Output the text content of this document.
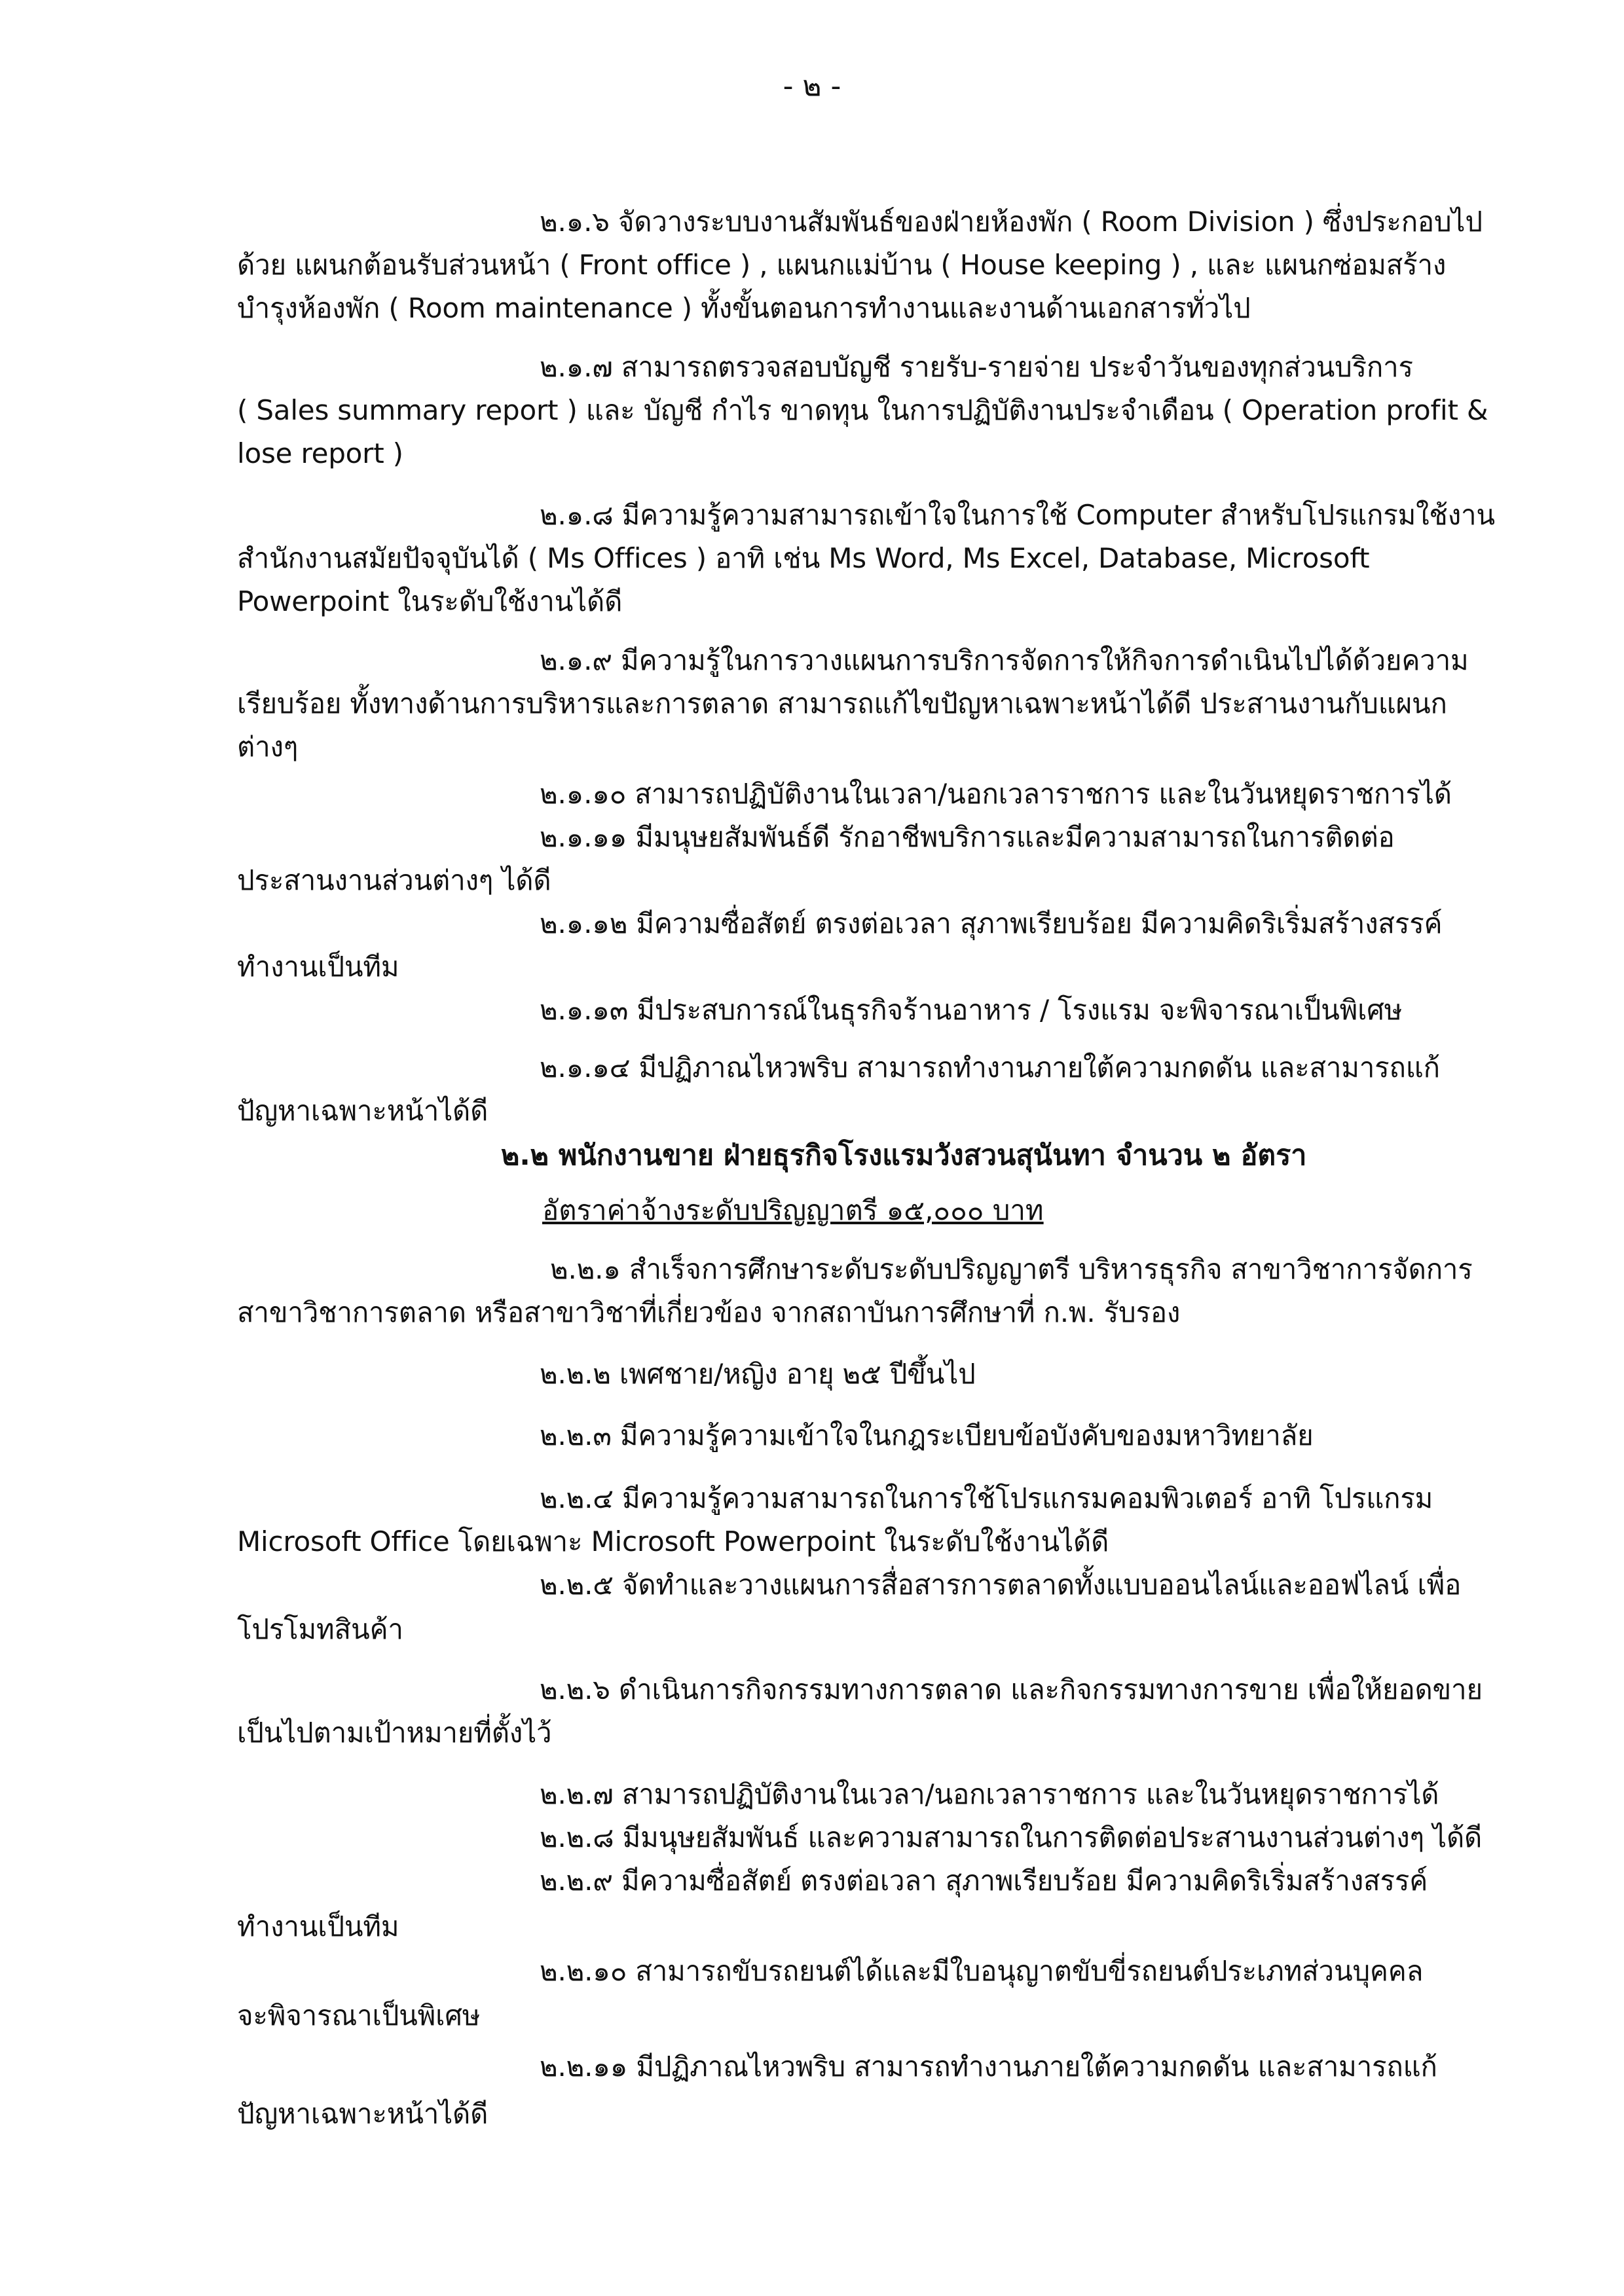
- ๒ -
๒.๑.๖ จัดวางระบบงานสัมพันธ์ของฝ่ายห้องพัก ( Room Division ) ซึ่งประกอบไป
ด้วย แผนกต้อนรับส่วนหน้า ( Front office ) , แผนกแม่บ้าน ( House keeping ) , และ แผนกซ่อมสร้าง
บำรุงห้องพัก ( Room maintenance ) ทั้งขั้นตอนการทำงานและงานด้านเอกสารทั่วไป
๒.๑.๗ สามารถตรวจสอบบัญชี รายรับ-รายจ่าย ประจำวันของทุกส่วนบริการ
( Sales summary report ) และ บัญชี กำไร ขาดทุน ในการปฏิบัติงานประจำเดือน ( Operation profit &
lose report )
๒.๑.๘ มีความรู้ความสามารถเข้าใจในการใช้ Computer สำหรับโปรแกรมใช้งาน
สำนักงานสมัยปัจจุบันได้ ( Ms Offices ) อาทิ เช่น Ms Word, Ms Excel, Database, Microsoft
Powerpoint ในระดับใช้งานได้ดี
๒.๑.๙ มีความรู้ในการวางแผนการบริการจัดการให้กิจการดำเนินไปได้ด้วยความ
เรียบร้อย ทั้งทางด้านการบริหารและการตลาด สามารถแก้ไขปัญหาเฉพาะหน้าได้ดี ประสานงานกับแผนก
ต่างๆ
๒.๑.๑๐ สามารถปฏิบัติงานในเวลา/นอกเวลาราชการ และในวันหยุดราชการได้
๒.๑.๑๑ มีมนุษยสัมพันธ์ดี รักอาชีพบริการและมีความสามารถในการติดต่อ
ประสานงานส่วนต่างๆ ได้ดี
๒.๑.๑๒ มีความซื่อสัตย์ ตรงต่อเวลา สุภาพเรียบร้อย มีความคิดริเริ่มสร้างสรรค์
ทำงานเป็นทีม
๒.๑.๑๓ มีประสบการณ์ในธุรกิจร้านอาหาร / โรงแรม จะพิจารณาเป็นพิเศษ
๒.๑.๑๔ มีปฏิภาณไหวพริบ สามารถทำงานภายใต้ความกดดัน และสามารถแก้
ปัญหาเฉพาะหน้าได้ดี
๒.๒ พนักงานขาย ฝ่ายธุรกิจโรงแรมวังสวนสุนันทา จำนวน ๒ อัตรา
อัตราค่าจ้างระดับปริญญาตรี ๑๕,๐๐๐ บาท
๒.๒.๑ สำเร็จการศึกษาระดับระดับปริญญาตรี บริหารธุรกิจ สาขาวิชาการจัดการ
สาขาวิชาการตลาด หรือสาขาวิชาที่เกี่ยวข้อง จากสถาบันการศึกษาที่ ก.พ. รับรอง
๒.๒.๒ เพศชาย/หญิง อายุ ๒๕ ปีขึ้นไป
๒.๒.๓ มีความรู้ความเข้าใจในกฎระเบียบข้อบังคับของมหาวิทยาลัย
๒.๒.๔ มีความรู้ความสามารถในการใช้โปรแกรมคอมพิวเตอร์ อาทิ โปรแกรม
Microsoft Office โดยเฉพาะ Microsoft Powerpoint ในระดับใช้งานได้ดี
๒.๒.๕ จัดทำและวางแผนการสื่อสารการตลาดทั้งแบบออนไลน์และออฟไลน์ เพื่อ
โปรโมทสินค้า
๒.๒.๖ ดำเนินการกิจกรรมทางการตลาด และกิจกรรมทางการขาย เพื่อให้ยอดขาย
เป็นไปตามเป้าหมายที่ตั้งไว้
๒.๒.๗ สามารถปฏิบัติงานในเวลา/นอกเวลาราชการ และในวันหยุดราชการได้
๒.๒.๘ มีมนุษยสัมพันธ์ และความสามารถในการติดต่อประสานงานส่วนต่างๆ ได้ดี
๒.๒.๙ มีความซื่อสัตย์ ตรงต่อเวลา สุภาพเรียบร้อย มีความคิดริเริ่มสร้างสรรค์
ทำงานเป็นทีม
๒.๒.๑๐ สามารถขับรถยนต์ได้และมีใบอนุญาตขับขี่รถยนต์ประเภทส่วนบุคคล
จะพิจารณาเป็นพิเศษ
๒.๒.๑๑ มีปฏิภาณไหวพริบ สามารถทำงานภายใต้ความกดดัน และสามารถแก้
ปัญหาเฉพาะหน้าได้ดี
